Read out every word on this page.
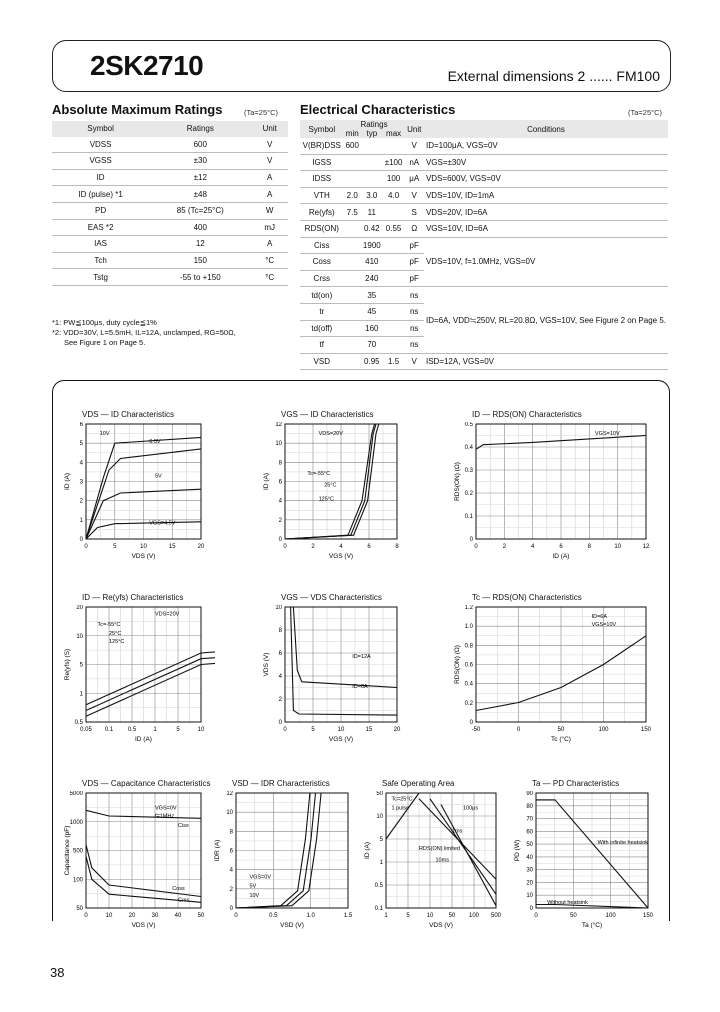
2SK2710	External dimensions 2 ...... FM100
Absolute Maximum Ratings	(Ta=25°C)
Symbol	Ratings	Unit
VDSS	600	V
VGSS	±30	V
ID	±12	A
ID (pulse) *1	±48	A
PD	85 (Tc=25°C)	W
EAS *2	400	mJ
IAS	12	A
Tch	150	°C
Tstg	-55 to +150	°C
*1: PW≦100μs, duty cycle≦1%
*2: VDD=30V, L=5.5mH, IL=12A, unclamped, RG=50Ω,
See Figure 1 on Page 5.
Electrical Characteristics	(Ta=25°C)
Symbol	Ratings			Unit	Conditions
	min	typ	max		
V(BR)DSS	600			V	ID=100μA, VGS=0V
IGSS			±100	nA	VGS=±30V
IDSS			100	μA	VDS=600V, VGS=0V
VTH	2.0	3.0	4.0	V	VDS=10V, ID=1mA
Re(yfs)	7.5	11		S	VDS=20V, ID=6A
RDS(ON)		0.42	0.55	Ω	VGS=10V, ID=6A
Ciss		1900		pF	VDS=10V, f=1.0MHz, VGS=0V
Coss		410		pF	
Crss		240		pF	
td(on)		35		ns	ID=6A, VDD≒250V, RL=20.8Ω, VGS=10V, See Figure 2 on Page 5.
tr		45		ns	
td(off)		160		ns	
tf		70		ns	
VSD		0.95	1.5	V	ISD=12A, VGS=0V
VDS — ID Characteristics
0	5	10	15	20
0
1
2
3
4
5
6
VDS (V)
ID (A)
10V
6.5V
5V
VGS=4.5V
VGS — ID Characteristics
0	2	4	6	8
0
2
4
6
8
10
12
VGS (V)
ID (A)
VDS=20V
Tc=-55°C
25°C
125°C
ID — RDS(ON) Characteristics
0	2	4	6	8	10	12
0
0.1
0.2
0.3
0.4
0.5
ID (A)
RDS(ON) (Ω)
VGS=10V
ID — Re(yfs) Characteristics
0.05 0.1 0.5	1	5	10
0.5
1
5
10
20
ID (A)
Re(yfs) (S)
VDS=20V
Tc=-55°C
25°C
125°C
VGS — VDS Characteristics
0	5	10	15	20
0
2
4
6
8
10
VGS (V)
VDS (V)	ID=12A
ID=6A
Tc — RDS(ON) Characteristics
-50	0	50	100	150
0
0.2
0.4
0.6
0.8
1.0
1.2
Tc (°C)
RDS(ON) (Ω)
ID=6A
VGS=10V
VDS — Capacitance Characteristics
0	10	20	30	40	50
50
100
500
1000
5000
VDS (V)
Capacitance (pF)
VGS=0V
f=1MHz
Ciss
Coss
Crss
VSD — IDR Characteristics
0	0.5	1.0	1.5
0
2
4
6
8
10
12
VSD (V)
IDR (A)
VGS=0V
5V
10V
Safe Operating Area
1	5	10	50 100 500
0.1
0.5
1
5
10
50
VDS (V)
ID (A)
Tc=25°C
1 pulse
RDS(ON) limited
100μs
1ms
10ms
Ta — PD Characteristics
0	50	100	150
0
10
20
30
40
50
60
70
80
90
Ta (°C)
PD (W)	With infinite heatsink
Without heatsink
38
